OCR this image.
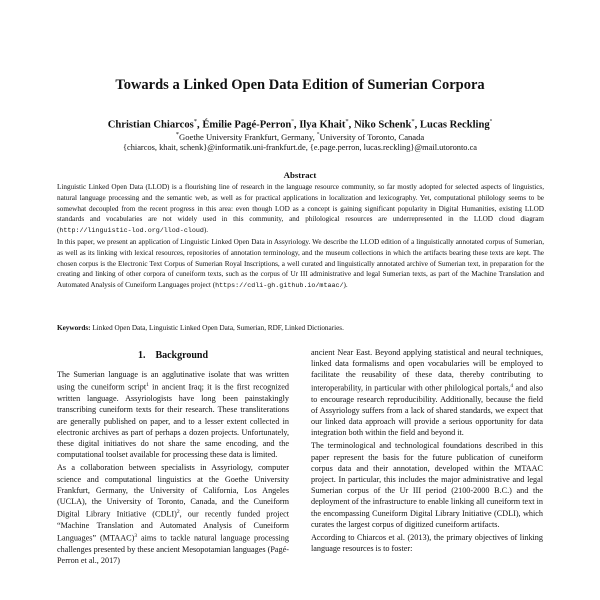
Towards a Linked Open Data Edition of Sumerian Corpora
Christian Chiarcos*, Émilie Pagé-Perron°, Ilya Khait*, Niko Schenk*, Lucas Reckling°
*Goethe University Frankfurt, Germany, °University of Toronto, Canada
{chiarcos, khait, schenk}@informatik.uni-frankfurt.de, {e.page.perron, lucas.reckling}@mail.utoronto.ca
Abstract

Linguistic Linked Open Data (LLOD) is a flourishing line of research in the language resource community, so far mostly adopted for selected aspects of linguistics, natural language processing and the semantic web, as well as for practical applications in localization and lexicography. Yet, computational philology seems to be somewhat decoupled from the recent progress in this area: even though LOD as a concept is gaining significant popularity in Digital Humanities, existing LLOD standards and vocabularies are not widely used in this community, and philological resources are underrepresented in the LLOD cloud diagram (http://linguistic-lod.org/llod-cloud).

In this paper, we present an application of Linguistic Linked Open Data in Assyriology. We describe the LLOD edition of a linguistically annotated corpus of Sumerian, as well as its linking with lexical resources, repositories of annotation terminology, and the museum collections in which the artifacts bearing these texts are kept. The chosen corpus is the Electronic Text Corpus of Sumerian Royal Inscriptions, a well curated and linguistically annotated archive of Sumerian text, in preparation for the creating and linking of other corpora of cuneiform texts, such as the corpus of Ur III administrative and legal Sumerian texts, as part of the Machine Translation and Automated Analysis of Cuneiform Languages project (https://cdli-gh.github.io/mtaac/).

Keywords: Linked Open Data, Linguistic Linked Open Data, Sumerian, RDF, Linked Dictionaries.
1. Background

The Sumerian language is an agglutinative isolate that was written using the cuneiform script$^1$ in ancient Iraq; it is the first recognized written language. Assyriologists have long been painstakingly transcribing cuneiform texts for their research. These transliterations are generally published on paper, and to a lesser extent collected in electronic archives as part of perhaps a dozen projects. Unfortunately, these digital initiatives do not share the same encoding, and the computational toolset available for processing these data is limited.

As a collaboration between specialists in Assyriology, computer science and computational linguistics at the Goethe University Frankfurt, Germany, the University of California, Los Angeles (UCLA), the University of Toronto, Canada, and the Cuneiform Digital Library Initiative (CDLI)$^2$, our recently funded project “Machine Translation and Automated Analysis of Cuneiform Languages” (MTAAC)$^3$ aims to tackle natural language processing challenges presented by these ancient Mesopotamian languages (Pagé-Perron et al., 2017)

ancient Near East. Beyond applying statistical and neural techniques, linked data formalisms and open vocabularies will be employed to facilitate the reusability of these data, thereby contributing to interoperability, in particular with other philological portals,$^4$ and also to encourage research reproducibility. Additionally, because the field of Assyriology suffers from a lack of shared standards, we expect that our linked data approach will provide a serious opportunity for data integration both within the field and beyond it.

The terminological and technological foundations described in this paper represent the basis for the future publication of cuneiform corpus data and their annotation, developed within the MTAAC project. In particular, this includes the major administrative and legal Sumerian corpus of the Ur III period (2100-2000 B.C.) and the deployment of the infrastructure to enable linking all cuneiform text in the encompassing Cuneiform Digital Library Initiative (CDLI), which curates the largest corpus of digitized cuneiform artifacts.

According to Chiarcos et al. (2013), the primary objectives of linking language resources is to foster:
